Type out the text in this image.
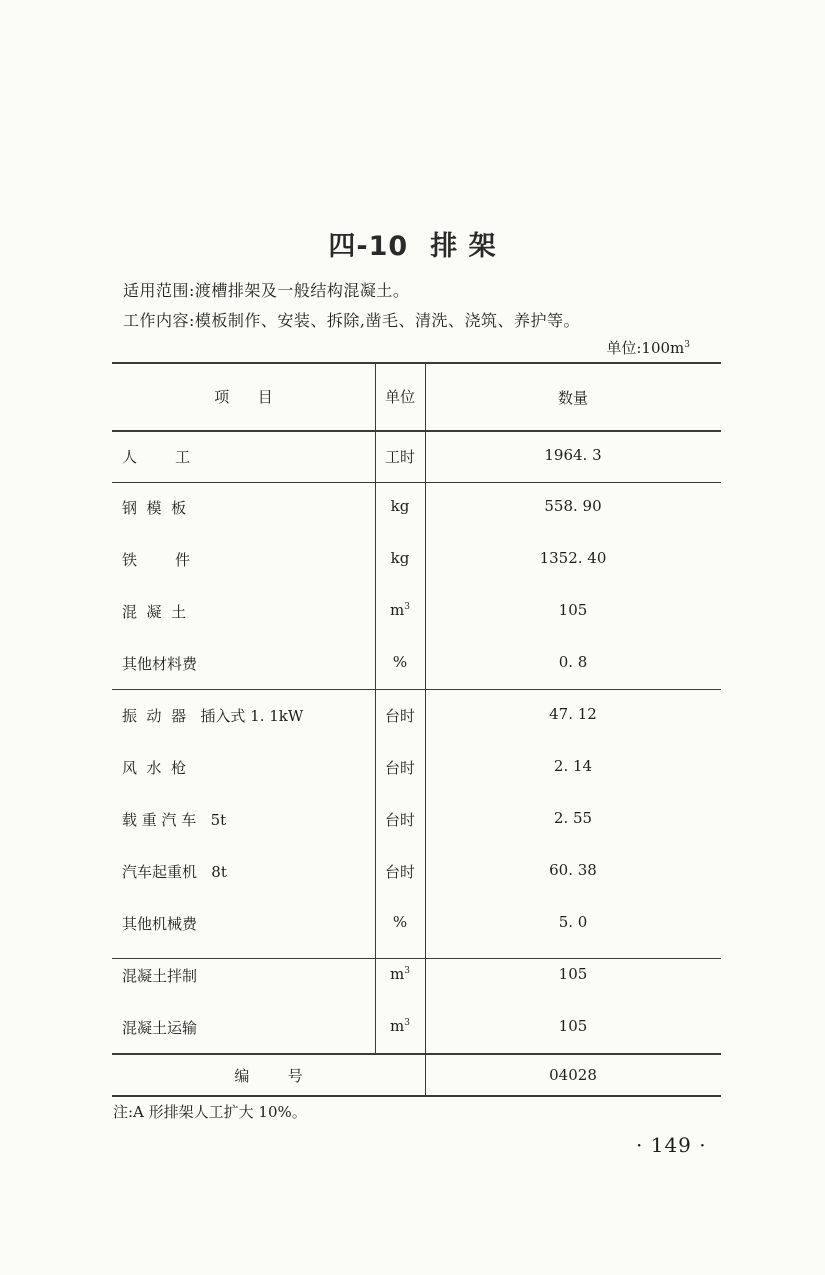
四-10 排 架
适用范围:渡槽排架及一般结构混凝土。
工作内容:模板制作、安装、拆除,凿毛、清洗、浇筑、养护等。
单位$:100m^3$
项      目	单位	数量
人        工	工时	1964. 3
钢  模  板	kg	558. 90
铁        件	kg	1352. 40
混  凝  土	$m^3$	105
其他材料费	%	0. 8
振  动  器   插入式 1. 1kW	台时	47. 12
风  水  枪	台时	2. 14
载 重 汽 车   5t	台时	2. 55
汽车起重机   8t	台时	60. 38
其他机械费	%	5. 0
混凝土拌制	$m^3$	105
混凝土运输	$m^3$	105
编        号	04028
注:A 形排架人工扩大 10%。
· 149 ·
